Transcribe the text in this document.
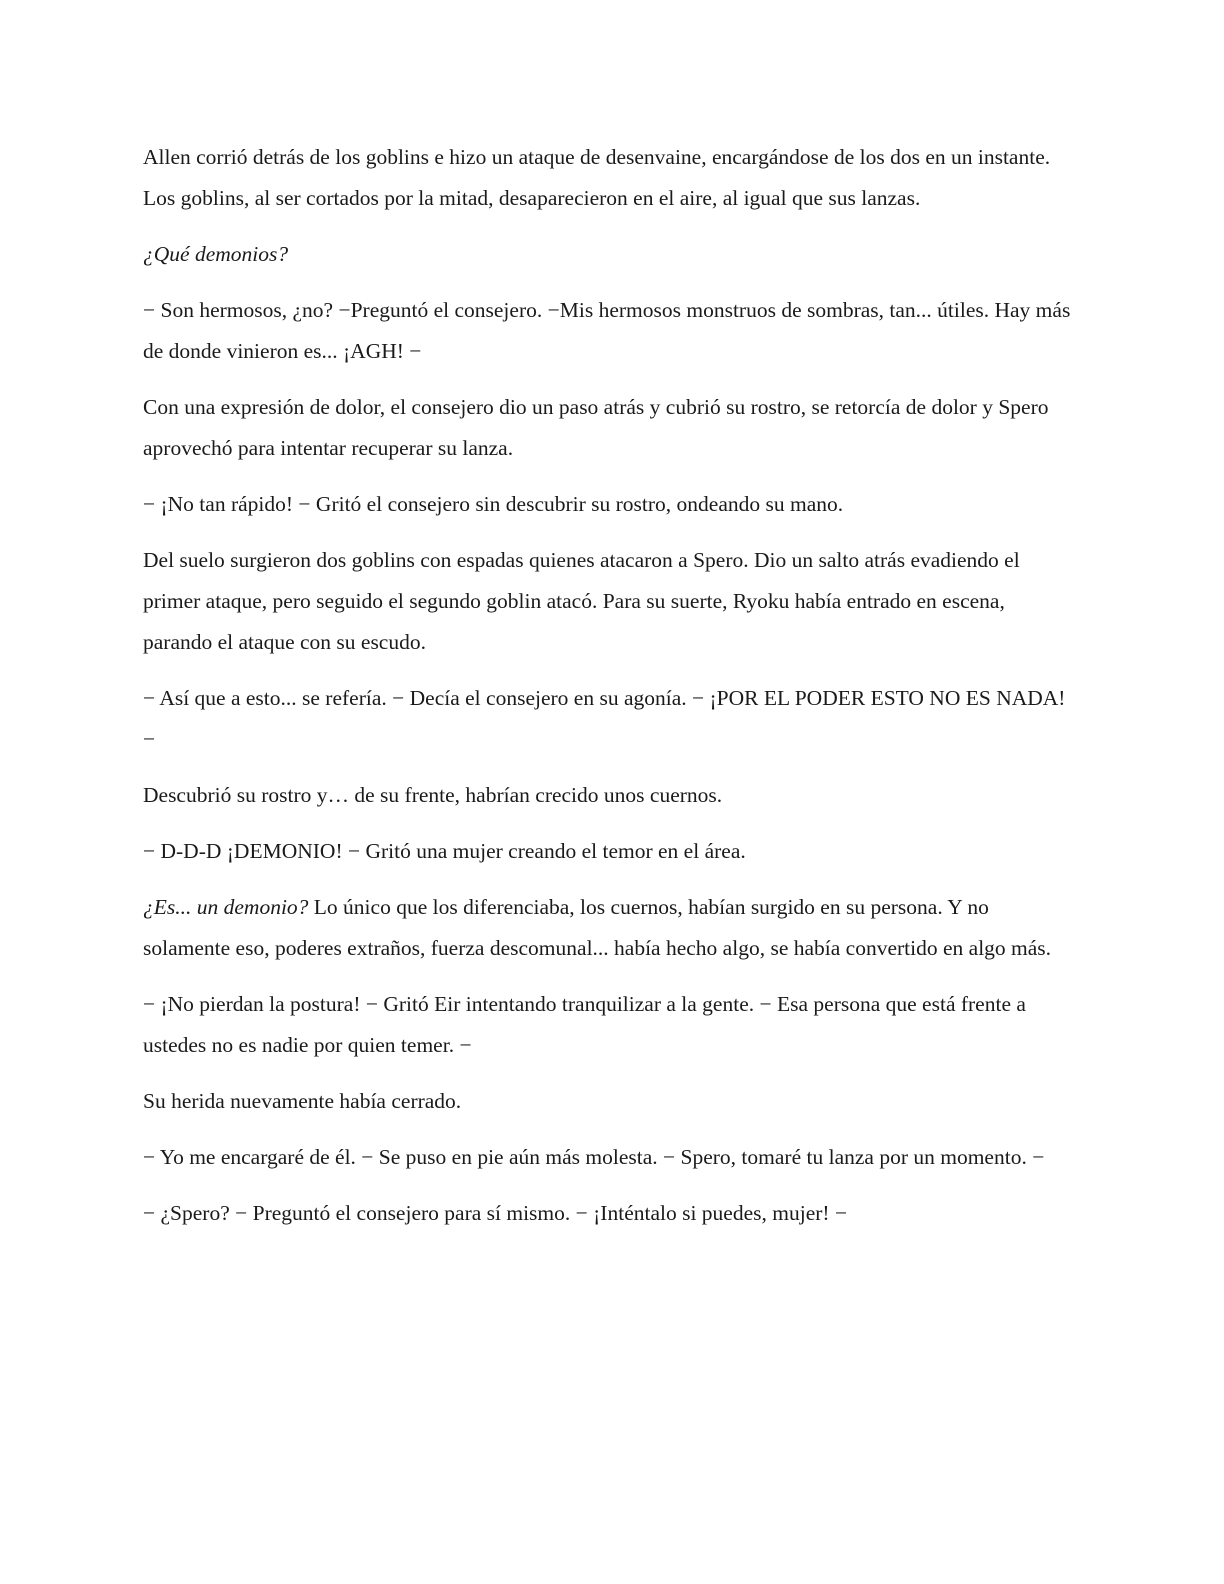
Allen corrió detrás de los goblins e hizo un ataque de desenvaine, encargándose de los dos en un instante. Los goblins, al ser cortados por la mitad, desaparecieron en el aire, al igual que sus lanzas.

¿Qué demonios?

− Son hermosos, ¿no? −Preguntó el consejero. −Mis hermosos monstruos de sombras, tan... útiles. Hay más de donde vinieron es... ¡AGH! −

Con una expresión de dolor, el consejero dio un paso atrás y cubrió su rostro, se retorcía de dolor y Spero aprovechó para intentar recuperar su lanza.

− ¡No tan rápido! − Gritó el consejero sin descubrir su rostro, ondeando su mano.

Del suelo surgieron dos goblins con espadas quienes atacaron a Spero. Dio un salto atrás evadiendo el primer ataque, pero seguido el segundo goblin atacó. Para su suerte, Ryoku había entrado en escena, parando el ataque con su escudo.

− Así que a esto... se refería. − Decía el consejero en su agonía. − ¡POR EL PODER ESTO NO ES NADA! −

Descubrió su rostro y… de su frente, habrían crecido unos cuernos.

− D-D-D ¡DEMONIO! − Gritó una mujer creando el temor en el área.

¿Es... un demonio? Lo único que los diferenciaba, los cuernos, habían surgido en su persona. Y no solamente eso, poderes extraños, fuerza descomunal... había hecho algo, se había convertido en algo más.

− ¡No pierdan la postura! − Gritó Eir intentando tranquilizar a la gente. − Esa persona que está frente a ustedes no es nadie por quien temer. −

Su herida nuevamente había cerrado.

− Yo me encargaré de él. − Se puso en pie aún más molesta. − Spero, tomaré tu lanza por un momento. −

− ¿Spero? − Preguntó el consejero para sí mismo. − ¡Inténtalo si puedes, mujer! −
